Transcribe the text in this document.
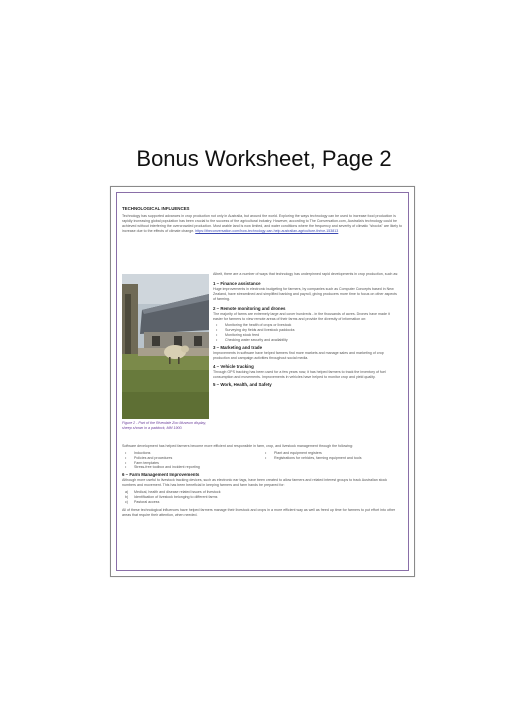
Bonus Worksheet, Page 2
TECHNOLOGICAL INFLUENCES

Technology has supported advances in crop production not only in Australia, but around the world. Exploring the ways technology can be used to increase food production is rapidly increasing global population has been crucial to the success of the agricultural industry. However, according to The Conversation.com, Australia's technology could be achieved without interfering the overcrowded production. Most arable land is now limited, and water conditions where the frequency and severity of climatic "shocks" are likely to increase due to the effects of climate change. https://theconversation.com/how-technology-can-help-australian-agriculture-thrive-153813

Figure 2 - Part of the Riverdale Zoo Museum display, sheep shown in a paddock, MM 1900.

Albeit, there are a number of ways that technology has underpinned rapid developments in crop production, such as:

1 – Finance assistance

Huge improvements in electronic budgeting for farmers, by companies such as Computer Concepts based in New Zealand, have streamlined and simplified banking and payroll, giving producers more time to focus on other aspects of farming.

2 – Remote monitoring and drones

The majority of farms are extremely large and cover hundreds - in the thousands of acres. Drones have made it easier for farmers to view remote areas of their farms and provide the diversity of information on:

• Monitoring the health of crops or livestock
• Surveying dry fields and livestock paddocks
• Monitoring stock feed
• Checking water security and availability
3 – Marketing and trade

Improvements in software have helped farmers find more markets and manage sales and marketing of crop production and campaign activities throughout social media.

4 – Vehicle tracking

Through GPS tracking has been used for a few years now, it has helped farmers to track the inventory of fuel consumption and movements. Improvements in vehicles have helped to monitor crop and yield quality.

5 – Work, Health, and Safety

Software development has helped farmers become more efficient and responsible in farm, crop, and livestock management through the following:

• Inductions
• Policies and procedures
• Farm templates
• Stress-free toolbox and incident reporting
• Plant and equipment registers
• Registrations for vehicles, farming equipment and tools
6 – Farm Management Improvements

Although more useful to livestock tracking devices, such as electronic ear tags, have been created to allow farmers and related interest groups to track Australian stock numbers and movement. This has been beneficial in keeping farmers and farm hands be prepared for:

a) Medical, health and disease related issues of livestock
b) Identification of livestock belonging to different farms
c) Pastoral access

All of these technological influences have helped farmers manage their livestock and crops in a more efficient way as well as freed up time for farmers to put effort into other areas that require their attention, when needed.
